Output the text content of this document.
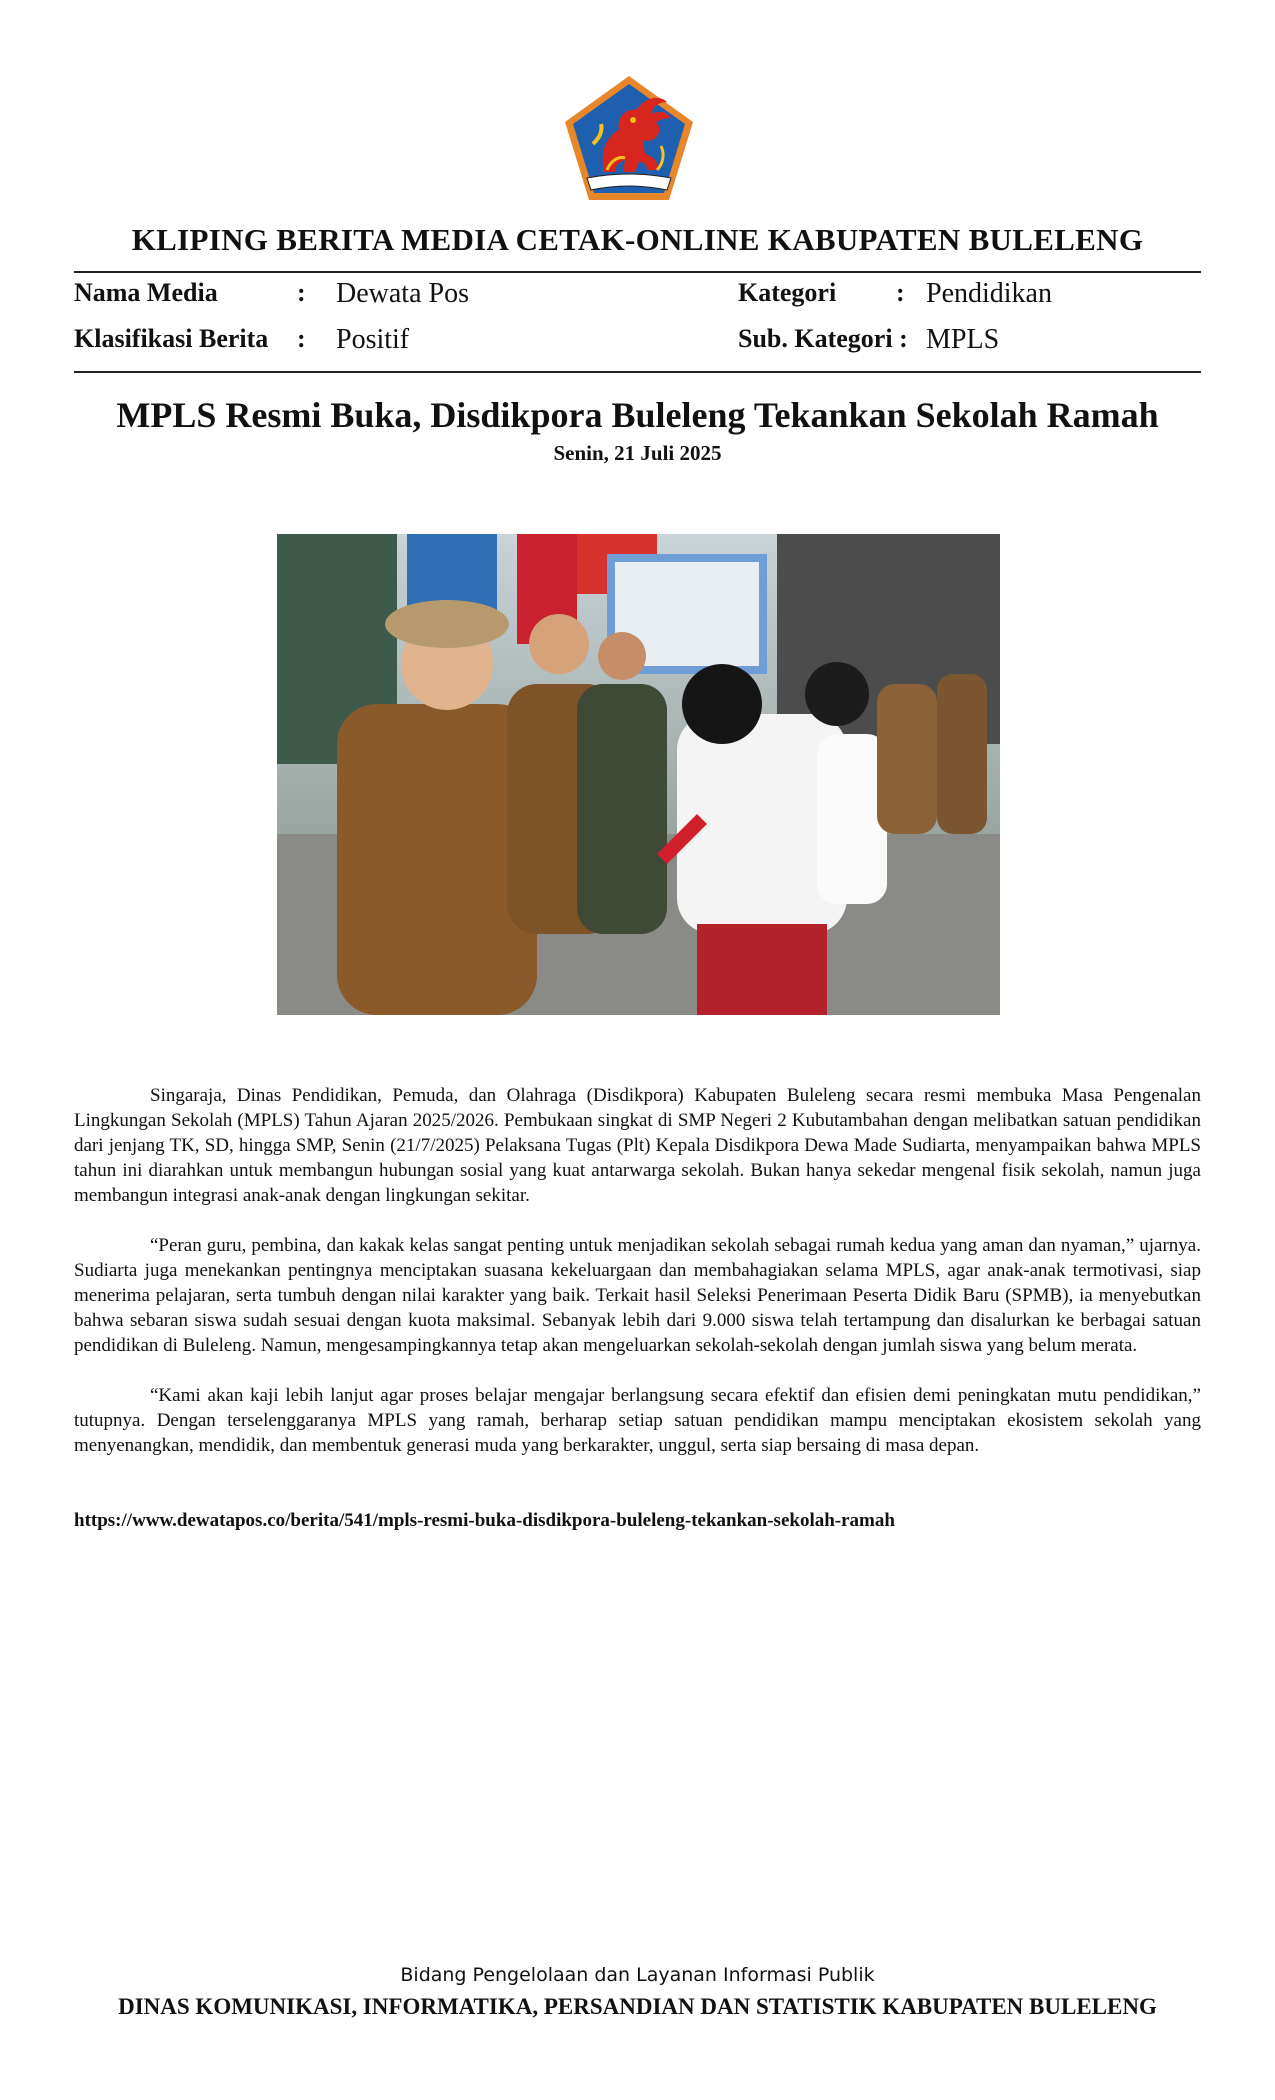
KLIPING BERITA MEDIA CETAK-ONLINE KABUPATEN BULELENG
Nama Media	: Dewata Pos	Kategori : Pendidikan
Klasifikasi Berita : Positif	Sub. Kategori : MPLS
MPLS Resmi Buka, Disdikpora Buleleng Tekankan Sekolah Ramah
Senin, 21 Juli 2025

Singaraja, Dinas Pendidikan, Pemuda, dan Olahraga (Disdikpora) Kabupaten Buleleng secara resmi membuka Masa Pengenalan Lingkungan Sekolah (MPLS) Tahun Ajaran 2025/2026. Pembukaan singkat di SMP Negeri 2 Kubutambahan dengan melibatkan satuan pendidikan dari jenjang TK, SD, hingga SMP, Senin (21/7/2025) Pelaksana Tugas (Plt) Kepala Disdikpora Dewa Made Sudiarta, menyampaikan bahwa MPLS tahun ini diarahkan untuk membangun hubungan sosial yang kuat antarwarga sekolah. Bukan hanya sekedar mengenal fisik sekolah, namun juga membangun integrasi anak-anak dengan lingkungan sekitar.

“Peran guru, pembina, dan kakak kelas sangat penting untuk menjadikan sekolah sebagai rumah kedua yang aman dan nyaman,” ujarnya. Sudiarta juga menekankan pentingnya menciptakan suasana kekeluargaan dan membahagiakan selama MPLS, agar anak-anak termotivasi, siap menerima pelajaran, serta tumbuh dengan nilai karakter yang baik. Terkait hasil Seleksi Penerimaan Peserta Didik Baru (SPMB), ia menyebutkan bahwa sebaran siswa sudah sesuai dengan kuota maksimal. Sebanyak lebih dari 9.000 siswa telah tertampung dan disalurkan ke berbagai satuan pendidikan di Buleleng. Namun, mengesampingkannya tetap akan mengeluarkan sekolah-sekolah dengan jumlah siswa yang belum merata.

“Kami akan kaji lebih lanjut agar proses belajar mengajar berlangsung secara efektif dan efisien demi peningkatan mutu pendidikan,” tutupnya. Dengan terselenggaranya MPLS yang ramah, berharap setiap satuan pendidikan mampu menciptakan ekosistem sekolah yang menyenangkan, mendidik, dan membentuk generasi muda yang berkarakter, unggul, serta siap bersaing di masa depan.

https://www.dewatapos.co/berita/541/mpls-resmi-buka-disdikpora-buleleng-tekankan-sekolah-ramah
Bidang Pengelolaan dan Layanan Informasi Publik
DINAS KOMUNIKASI, INFORMATIKA, PERSANDIAN DAN STATISTIK KABUPATEN BULELENG
